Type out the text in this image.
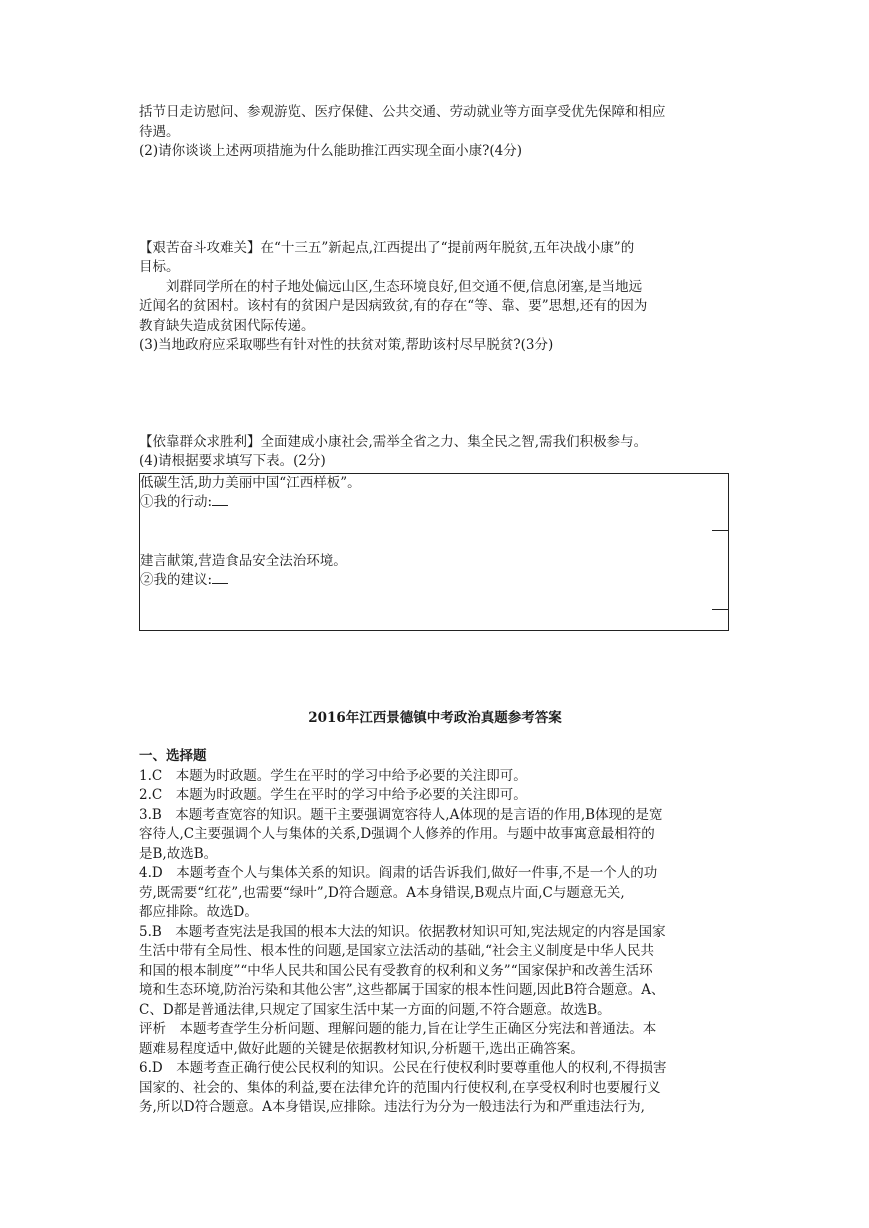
括节日走访慰问、参观游览、医疗保健、公共交通、劳动就业等方面享受优先保障和相应

待遇。

(2)请你谈谈上述两项措施为什么能助推江西实现全面小康?(4分)

【艰苦奋斗攻难关】在“十三五”新起点,江西提出了“提前两年脱贫,五年决战小康”的

目标。

刘群同学所在的村子地处偏远山区,生态环境良好,但交通不便,信息闭塞,是当地远

近闻名的贫困村。该村有的贫困户是因病致贫,有的存在“等、靠、要”思想,还有的因为

教育缺失造成贫困代际传递。

(3)当地政府应采取哪些有针对性的扶贫对策,帮助该村尽早脱贫?(3分)

【依靠群众求胜利】全面建成小康社会,需举全省之力、集全民之智,需我们积极参与。

(4)请根据要求填写下表。(2分)

低碳生活,助力美丽中国“江西样板”。

①我的行动:

建言献策,营造食品安全法治环境。

②我的建议:

2016年江西景德镇中考政治真题参考答案

一、选择题

1.C　本题为时政题。学生在平时的学习中给予必要的关注即可。

2.C　本题为时政题。学生在平时的学习中给予必要的关注即可。

3.B　本题考查宽容的知识。题干主要强调宽容待人,A体现的是言语的作用,B体现的是宽

容待人,C主要强调个人与集体的关系,D强调个人修养的作用。与题中故事寓意最相符的

是B,故选B。

4.D　本题考查个人与集体关系的知识。阎肃的话告诉我们,做好一件事,不是一个人的功

劳,既需要“红花”,也需要“绿叶”,D符合题意。A本身错误,B观点片面,C与题意无关,

都应排除。故选D。

5.B　本题考查宪法是我国的根本大法的知识。依据教材知识可知,宪法规定的内容是国家

生活中带有全局性、根本性的问题,是国家立法活动的基础,“社会主义制度是中华人民共

和国的根本制度”“中华人民共和国公民有受教育的权利和义务”“国家保护和改善生活环

境和生态环境,防治污染和其他公害”,这些都属于国家的根本性问题,因此B符合题意。A、

C、D都是普通法律,只规定了国家生活中某一方面的问题,不符合题意。故选B。

评析　本题考查学生分析问题、理解问题的能力,旨在让学生正确区分宪法和普通法。本

题难易程度适中,做好此题的关键是依据教材知识,分析题干,选出正确答案。

6.D　本题考查正确行使公民权利的知识。公民在行使权利时要尊重他人的权利,不得损害

国家的、社会的、集体的利益,要在法律允许的范围内行使权利,在享受权利时也要履行义

务,所以D符合题意。A本身错误,应排除。违法行为分为一般违法行为和严重违法行为,
